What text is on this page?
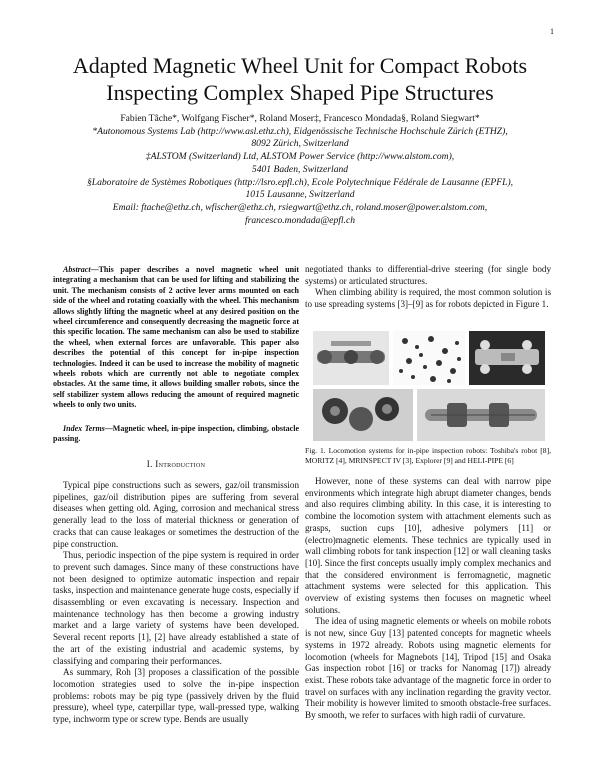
1
Adapted Magnetic Wheel Unit for Compact Robots
Inspecting Complex Shaped Pipe Structures
Fabien Tâche*, Wolfgang Fischer*, Roland Moser‡, Francesco Mondada§, Roland Siegwart*
*Autonomous Systems Lab (http://www.asl.ethz.ch), Eidgenössische Technische Hochschule Zürich (ETHZ),
8092 Zürich, Switzerland
‡ALSTOM (Switzerland) Ltd, ALSTOM Power Service (http://www.alstom.com),
5401 Baden, Switzerland
§Laboratoire de Systèmes Robotiques (http://lsro.epfl.ch), Ecole Polytechnique Fédérale de Lausanne (EPFL),
1015 Lausanne, Switzerland
Email: ftache@ethz.ch, wfischer@ethz.ch, rsiegwart@ethz.ch, roland.moser@power.alstom.com,
francesco.mondada@epfl.ch

Abstract—This paper describes a novel magnetic wheel unit integrating a mechanism that can be used for lifting and stabilizing the unit. The mechanism consists of 2 active lever arms mounted on each side of the wheel and rotating coaxially with the wheel. This mechanism allows slightly lifting the magnetic wheel at any desired position on the wheel circumference and consequently decreasing the magnetic force at this specific location. The same mechanism can also be used to stabilize the wheel, when external forces are unfavorable. This paper also describes the potential of this concept for in-pipe inspection technologies. Indeed it can be used to increase the mobility of magnetic wheels robots which are currently not able to negotiate complex obstacles. At the same time, it allows building smaller robots, since the self stabilizer system allows reducing the amount of required magnetic wheels to only two units.

Index Terms—Magnetic wheel, in-pipe inspection, climbing, obstacle passing.

I. Introduction

Typical pipe constructions such as sewers, gaz/oil transmission pipelines, gaz/oil distribution pipes are suffering from several diseases when getting old. Aging, corrosion and mechanical stress generally lead to the loss of material thickness or generation of cracks that can cause leakages or sometimes the destruction of the pipe construction.

Thus, periodic inspection of the pipe system is required in order to prevent such damages. Since many of these constructions have not been designed to optimize automatic inspection and repair tasks, inspection and maintenance generate huge costs, especially if disassembling or even excavating is necessary. Inspection and maintenance technology has then become a growing industry market and a large variety of systems have been developed. Several recent reports [1], [2] have already established a state of the art of the existing industrial and academic systems, by classifying and comparing their performances.

As summary, Roh [3] proposes a classification of the possible locomotion strategies used to solve the in-pipe inspection problems: robots may be pig type (passively driven by the fluid pressure), wheel type, caterpillar type, wall-pressed type, walking type, inchworm type or screw type. Bends are usually

negotiated thanks to differential-drive steering (for single body systems) or articulated structures.

When climbing ability is required, the most common solution is to use spreading systems [3]–[9] as for robots depicted in Figure 1.

Fig. 1. Locomotion systems for in-pipe inspection robots: Toshiba's robot [8], MORITZ [4], MRINSPECT IV [3], Explorer [9] and HELI-PIPE [6]

However, none of these systems can deal with narrow pipe environments which integrate high abrupt diameter changes, bends and also requires climbing ability. In this case, it is interesting to combine the locomotion system with attachment elements such as grasps, suction cups [10], adhesive polymers [11] or (electro)magnetic elements. These technics are typically used in wall climbing robots for tank inspection [12] or wall cleaning tasks [10]. Since the first concepts usually imply complex mechanics and that the considered environment is ferromagnetic, magnetic attachment systems were selected for this application. This overview of existing systems then focuses on magnetic wheel solutions.

The idea of using magnetic elements or wheels on mobile robots is not new, since Guy [13] patented concepts for magnetic wheels systems in 1972 already. Robots using magnetic elements for locomotion (wheels for Magnebots [14], Tripod [15] and Osaka Gas inspection robot [16] or tracks for Nanomag [17]) already exist. These robots take advantage of the magnetic force in order to travel on surfaces with any inclination regarding the gravity vector. Their mobility is however limited to smooth obstacle-free surfaces. By smooth, we refer to surfaces with high radii of curvature.
